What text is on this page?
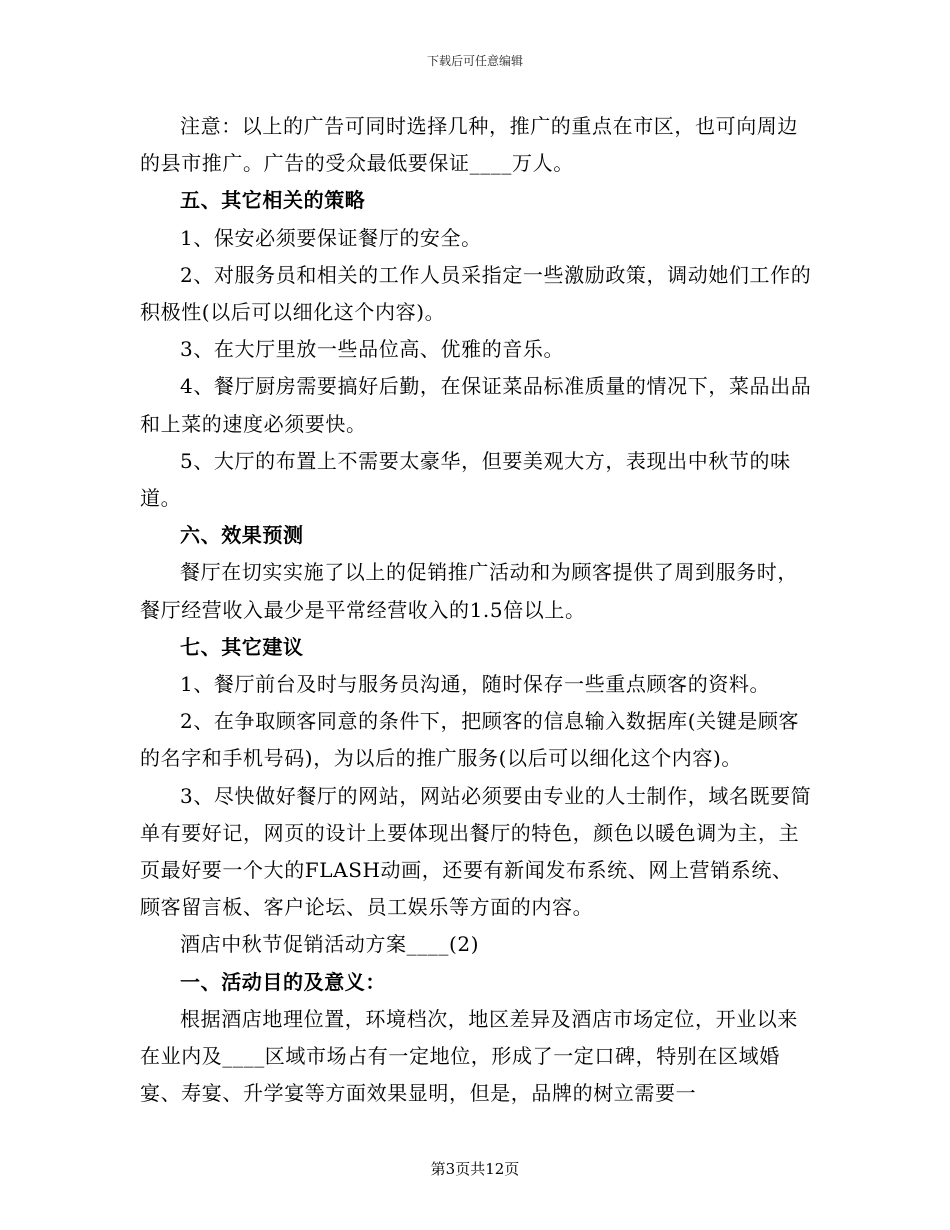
下载后可任意编辑

注意：以上的广告可同时选择几种，推广的重点在市区，也可向周边的县市推广。广告的受众最低要保证____万人。

五、其它相关的策略

1、保安必须要保证餐厅的安全。

2、对服务员和相关的工作人员采指定一些激励政策，调动她们工作的积极性(以后可以细化这个内容)。

3、在大厅里放一些品位高、优雅的音乐。

4、餐厅厨房需要搞好后勤，在保证菜品标准质量的情况下，菜品出品和上菜的速度必须要快。

5、大厅的布置上不需要太豪华，但要美观大方，表现出中秋节的味道。

六、效果预测

餐厅在切实实施了以上的促销推广活动和为顾客提供了周到服务时，餐厅经营收入最少是平常经营收入的1.5倍以上。

七、其它建议

1、餐厅前台及时与服务员沟通，随时保存一些重点顾客的资料。

2、在争取顾客同意的条件下，把顾客的信息输入数据库(关键是顾客的名字和手机号码)，为以后的推广服务(以后可以细化这个内容)。

3、尽快做好餐厅的网站，网站必须要由专业的人士制作，域名既要简单有要好记，网页的设计上要体现出餐厅的特色，颜色以暖色调为主，主页最好要一个大的FLASH动画，还要有新闻发布系统、网上营销系统、顾客留言板、客户论坛、员工娱乐等方面的内容。

酒店中秋节促销活动方案____(2)

一、活动目的及意义：

根据酒店地理位置，环境档次，地区差异及酒店市场定位，开业以来在业内及____区域市场占有一定地位，形成了一定口碑，特别在区域婚宴、寿宴、升学宴等方面效果显明，但是，品牌的树立需要一

第3页共12页
